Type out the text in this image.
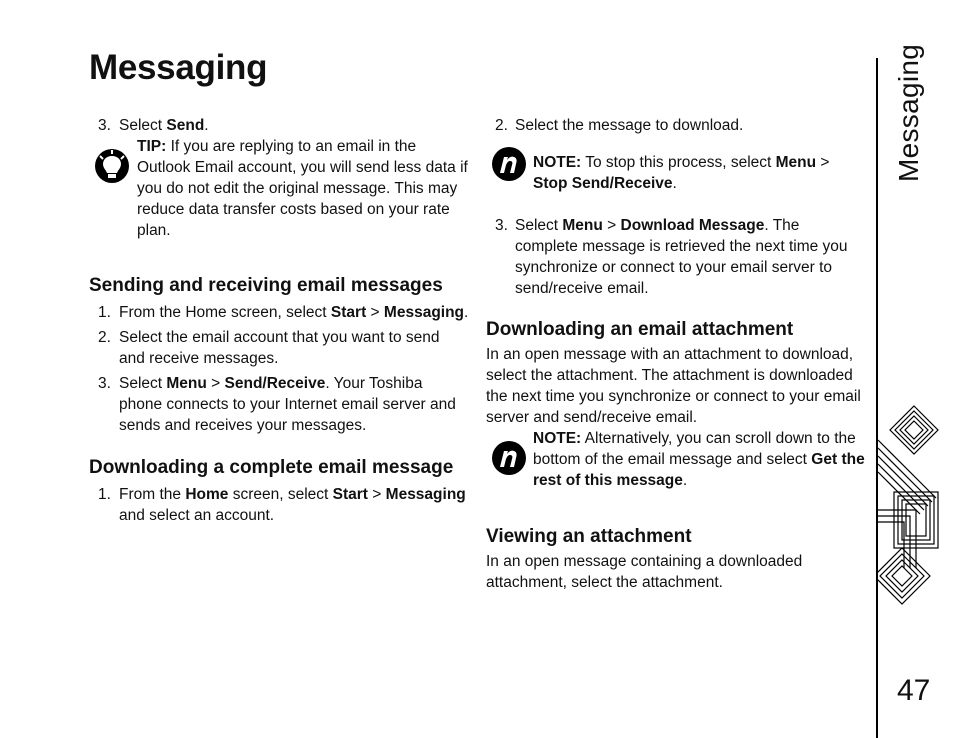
Messaging
3. Select Send.
TIP: If you are replying to an email in the Outlook Email account, you will send less data if you do not edit the original message. This may reduce data transfer costs based on your rate plan.
Sending and receiving email messages
1. From the Home screen, select Start > Messaging.
2. Select the email account that you want to send and receive messages.
3. Select Menu > Send/Receive. Your Toshiba phone connects to your Internet email server and sends and receives your messages.
Downloading a complete email message
1. From the Home screen, select Start > Messaging and select an account.
2. Select the message to download.
NOTE: To stop this process, select Menu > Stop Send/Receive.
3. Select Menu > Download Message. The complete message is retrieved the next time you synchronize or connect to your email server to send/receive email.
Downloading an email attachment

In an open message with an attachment to download, select the attachment. The attachment is downloaded the next time you synchronize or connect to your email server and send/receive email.

NOTE: Alternatively, you can scroll down to the bottom of the email message and select Get the rest of this message.
Viewing an attachment

In an open message containing a downloaded attachment, select the attachment.

Messaging
47
